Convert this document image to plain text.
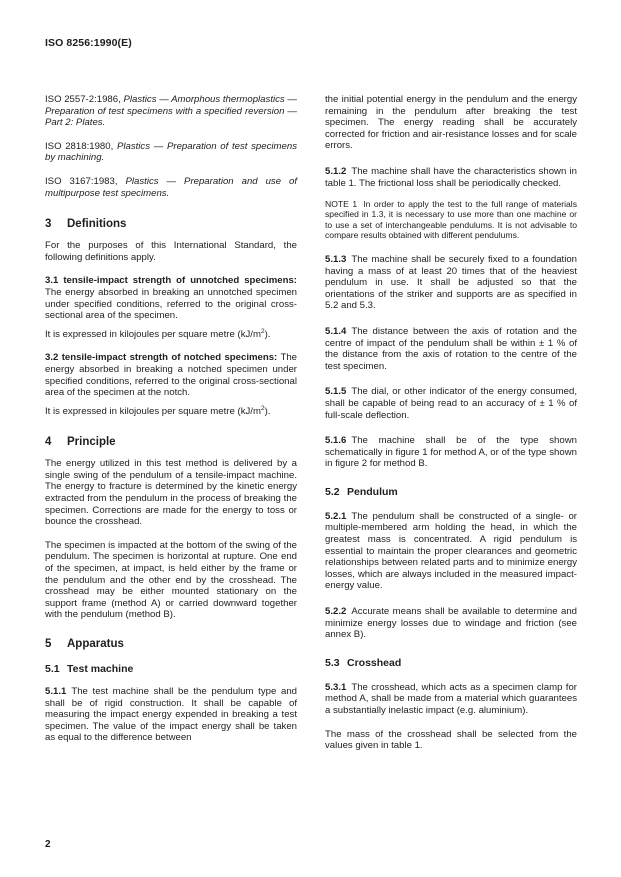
ISO 8256:1990(E)

ISO 2557-2:1986, Plastics — Amorphous thermoplastics — Preparation of test specimens with a specified reversion — Part 2: Plates.

ISO 2818:1980, Plastics — Preparation of test specimens by machining.

ISO 3167:1983, Plastics — Preparation and use of multipurpose test specimens.

3 Definitions

For the purposes of this International Standard, the following definitions apply.

3.1 tensile-impact strength of unnotched specimens: The energy absorbed in breaking an unnotched specimen under specified conditions, referred to the original cross-sectional area of the specimen.

It is expressed in kilojoules per square metre $(kJ/m^2)$.

3.2 tensile-impact strength of notched specimens: The energy absorbed in breaking a notched specimen under specified conditions, referred to the original cross-sectional area of the specimen at the notch.

It is expressed in kilojoules per square metre $(kJ/m^2)$.

4 Principle

The energy utilized in this test method is delivered by a single swing of the pendulum of a tensile-impact machine. The energy to fracture is determined by the kinetic energy extracted from the pendulum in the process of breaking the specimen. Corrections are made for the energy to toss or bounce the crosshead.

The specimen is impacted at the bottom of the swing of the pendulum. The specimen is horizontal at rupture. One end of the specimen, at impact, is held either by the frame or the pendulum and the other end by the crosshead. The crosshead may be either mounted stationary on the support frame (method A) or carried downward together with the pendulum (method B).

5 Apparatus
5.1 Test machine

5.1.1 The test machine shall be the pendulum type and shall be of rigid construction. It shall be capable of measuring the impact energy expended in breaking a test specimen. The value of the impact energy shall be taken as equal to the difference between

the initial potential energy in the pendulum and the energy remaining in the pendulum after breaking the test specimen. The energy reading shall be accurately corrected for friction and air-resistance losses and for scale errors.

5.1.2 The machine shall have the characteristics shown in table 1. The frictional loss shall be periodically checked.

NOTE 1 In order to apply the test to the full range of materials specified in 1.3, it is necessary to use more than one machine or to use a set of interchangeable pendulums. It is not advisable to compare results obtained with different pendulums.

5.1.3 The machine shall be securely fixed to a foundation having a mass of at least 20 times that of the heaviest pendulum in use. It shall be adjusted so that the orientations of the striker and supports are as specified in 5.2 and 5.3.

5.1.4 The distance between the axis of rotation and the centre of impact of the pendulum shall be within ± 1 % of the distance from the axis of rotation to the centre of the test specimen.

5.1.5 The dial, or other indicator of the energy consumed, shall be capable of being read to an accuracy of ± 1 % of full-scale deflection.

5.1.6 The machine shall be of the type shown schematically in figure 1 for method A, or of the type shown in figure 2 for method B.

5.2 Pendulum

5.2.1 The pendulum shall be constructed of a single- or multiple-membered arm holding the head, in which the greatest mass is concentrated. A rigid pendulum is essential to maintain the proper clearances and geometric relationships between related parts and to minimize energy losses, which are always included in the measured impact-energy value.

5.2.2 Accurate means shall be available to determine and minimize energy losses due to windage and friction (see annex B).

5.3 Crosshead

5.3.1 The crosshead, which acts as a specimen clamp for method A, shall be made from a material which guarantees a substantially inelastic impact (e.g. aluminium).

The mass of the crosshead shall be selected from the values given in table 1.

2
